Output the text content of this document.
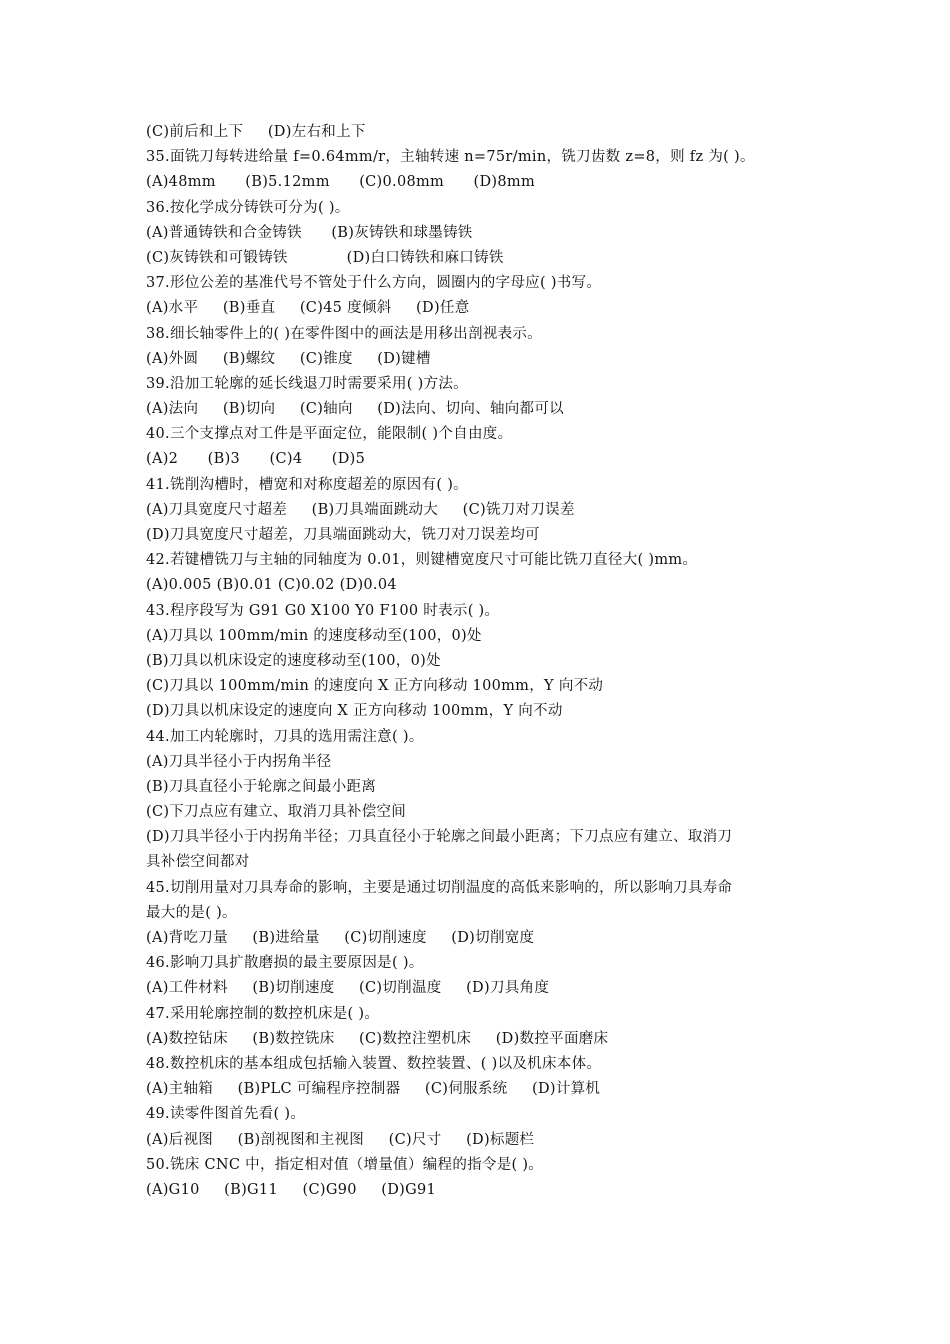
(C)前后和上下     (D)左右和上下
35.面铣刀每转进给量 f=0.64mm/r，主轴转速 n=75r/min，铣刀齿数 z=8，则 fz 为( )。
(A)48mm      (B)5.12mm      (C)0.08mm      (D)8mm
36.按化学成分铸铁可分为( )。
(A)普通铸铁和合金铸铁      (B)灰铸铁和球墨铸铁
(C)灰铸铁和可锻铸铁            (D)白口铸铁和麻口铸铁
37.形位公差的基准代号不管处于什么方向，圆圈内的字母应( )书写。
(A)水平     (B)垂直     (C)45 度倾斜     (D)任意
38.细长轴零件上的( )在零件图中的画法是用移出剖视表示。
(A)外圆     (B)螺纹     (C)锥度     (D)键槽
39.沿加工轮廓的延长线退刀时需要采用( )方法。
(A)法向     (B)切向     (C)轴向     (D)法向、切向、轴向都可以
40.三个支撑点对工件是平面定位，能限制( )个自由度。
(A)2      (B)3      (C)4      (D)5
41.铣削沟槽时，槽宽和对称度超差的原因有( )。
(A)刀具宽度尺寸超差     (B)刀具端面跳动大     (C)铣刀对刀误差
(D)刀具宽度尺寸超差，刀具端面跳动大，铣刀对刀误差均可
42.若键槽铣刀与主轴的同轴度为 0.01，则键槽宽度尺寸可能比铣刀直径大( )mm。
(A)0.005 (B)0.01 (C)0.02 (D)0.04
43.程序段写为 G91 G0 X100 Y0 F100 时表示( )。
(A)刀具以 100mm/min 的速度移动至(100，0)处
(B)刀具以机床设定的速度移动至(100，0)处
(C)刀具以 100mm/min 的速度向 X 正方向移动 100mm，Y 向不动
(D)刀具以机床设定的速度向 X 正方向移动 100mm，Y 向不动
44.加工内轮廓时，刀具的选用需注意( )。
(A)刀具半径小于内拐角半径
(B)刀具直径小于轮廓之间最小距离
(C)下刀点应有建立、取消刀具补偿空间
(D)刀具半径小于内拐角半径；刀具直径小于轮廓之间最小距离；下刀点应有建立、取消刀
具补偿空间都对
45.切削用量对刀具寿命的影响，主要是通过切削温度的高低来影响的，所以影响刀具寿命
最大的是( )。
(A)背吃刀量     (B)进给量     (C)切削速度     (D)切削宽度
46.影响刀具扩散磨损的最主要原因是( )。
(A)工件材料     (B)切削速度     (C)切削温度     (D)刀具角度
47.采用轮廓控制的数控机床是( )。
(A)数控钻床     (B)数控铣床     (C)数控注塑机床     (D)数控平面磨床
48.数控机床的基本组成包括输入装置、数控装置、( )以及机床本体。
(A)主轴箱     (B)PLC 可编程序控制器     (C)伺服系统     (D)计算机
49.读零件图首先看( )。
(A)后视图     (B)剖视图和主视图     (C)尺寸     (D)标题栏
50.铣床 CNC 中，指定相对值（增量值）编程的指令是( )。
(A)G10     (B)G11     (C)G90     (D)G91
